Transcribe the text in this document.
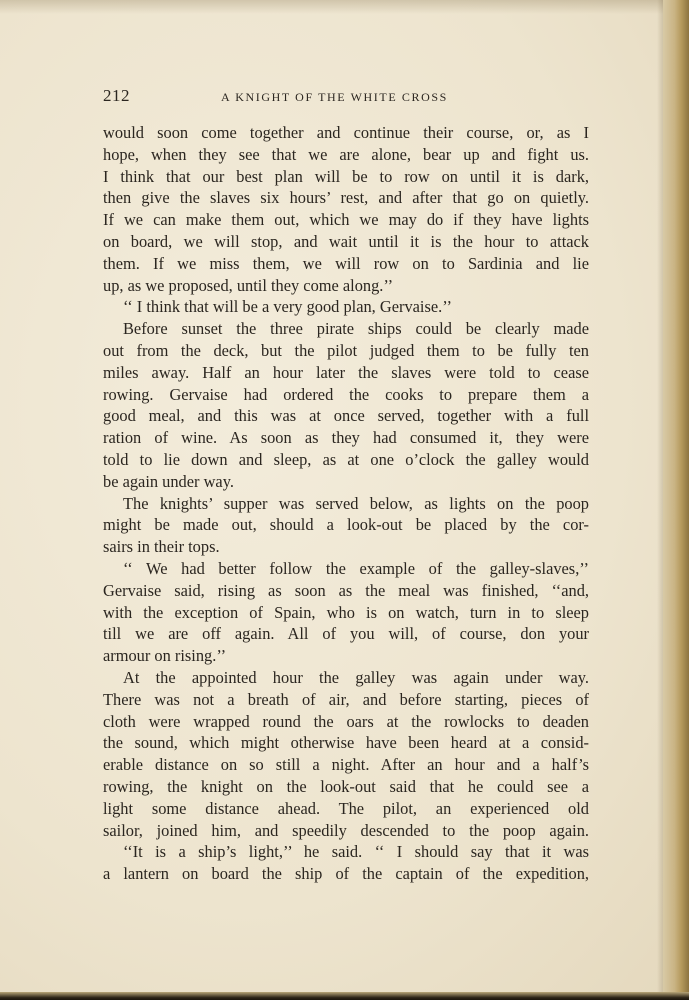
212	A KNIGHT OF THE WHITE CROSS
would soon come together and continue their course, or, as I
hope, when they see that we are alone, bear up and fight us.
I think that our best plan will be to row on until it is dark,
then give the slaves six hours’ rest, and after that go on quietly.
If we can make them out, which we may do if they have lights
on board, we will stop, and wait until it is the hour to attack
them. If we miss them, we will row on to Sardinia and lie
up, as we proposed, until they come along.’’
‘‘ I think that will be a very good plan, Gervaise.’’
Before sunset the three pirate ships could be clearly made
out from the deck, but the pilot judged them to be fully ten
miles away. Half an hour later the slaves were told to cease
rowing. Gervaise had ordered the cooks to prepare them a
good meal, and this was at once served, together with a full
ration of wine. As soon as they had consumed it, they were
told to lie down and sleep, as at one o’clock the galley would
be again under way.
The knights’ supper was served below, as lights on the poop
might be made out, should a look-out be placed by the cor-
sairs in their tops.
‘‘ We had better follow the example of the galley-slaves,’’
Gervaise said, rising as soon as the meal was finished, ‘‘and,
with the exception of Spain, who is on watch, turn in to sleep
till we are off again. All of you will, of course, don your
armour on rising.’’
At the appointed hour the galley was again under way.
There was not a breath of air, and before starting, pieces of
cloth were wrapped round the oars at the rowlocks to deaden
the sound, which might otherwise have been heard at a consid-
erable distance on so still a night. After an hour and a half’s
rowing, the knight on the look-out said that he could see a
light some distance ahead. The pilot, an experienced old
sailor, joined him, and speedily descended to the poop again.
‘‘It is a ship’s light,’’ he said. ‘‘ I should say that it was
a lantern on board the ship of the captain of the expedition,
